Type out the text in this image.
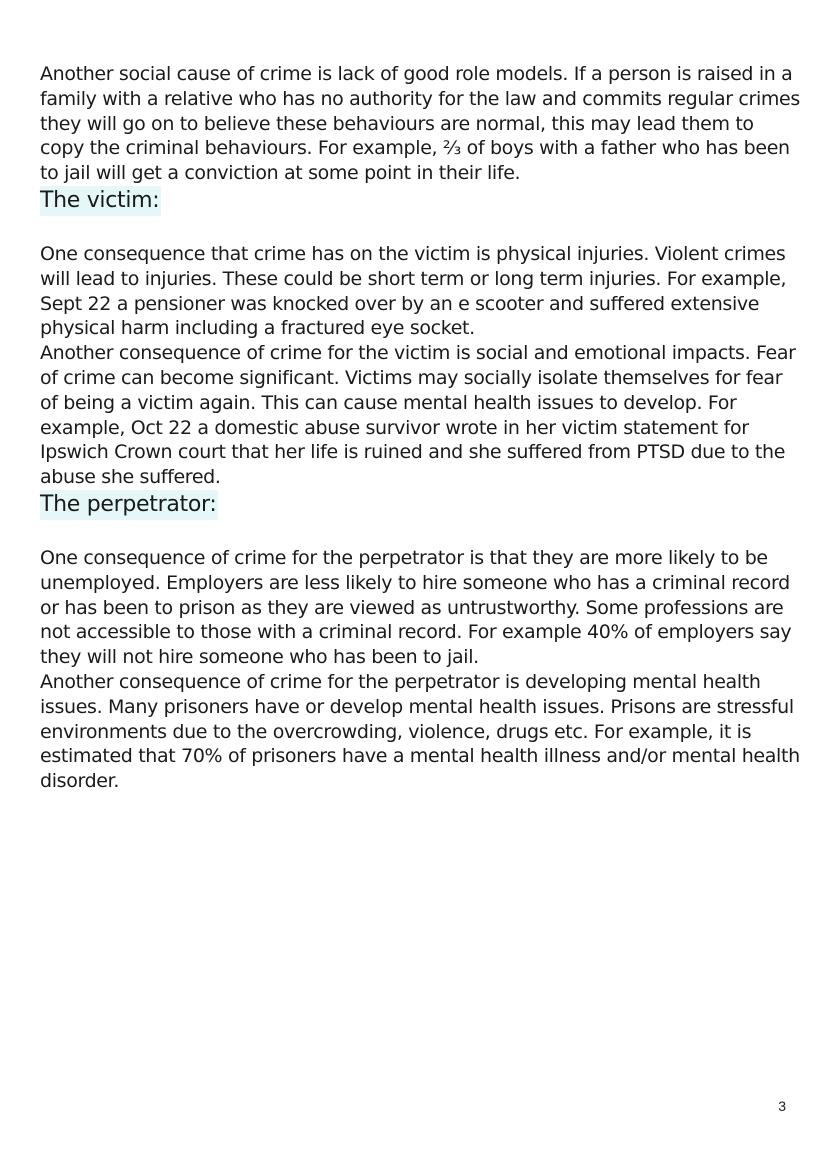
Another social cause of crime is lack of good role models. If a person is raised in a family with a relative who has no authority for the law and commits regular crimes they will go on to believe these behaviours are normal, this may lead them to copy the criminal behaviours. For example, ⅔ of boys with a father who has been to jail will get a conviction at some point in their life.

The victim:

One consequence that crime has on the victim is physical injuries. Violent crimes will lead to injuries. These could be short term or long term injuries. For example, Sept 22 a pensioner was knocked over by an e scooter and suffered extensive physical harm including a fractured eye socket.

Another consequence of crime for the victim is social and emotional impacts. Fear of crime can become significant. Victims may socially isolate themselves for fear of being a victim again. This can cause mental health issues to develop. For example, Oct 22 a domestic abuse survivor wrote in her victim statement for Ipswich Crown court that her life is ruined and she suffered from PTSD due to the abuse she suffered.

The perpetrator:

One consequence of crime for the perpetrator is that they are more likely to be unemployed. Employers are less likely to hire someone who has a criminal record or has been to prison as they are viewed as untrustworthy. Some professions are not accessible to those with a criminal record. For example 40% of employers say they will not hire someone who has been to jail.

Another consequence of crime for the perpetrator is developing mental health issues. Many prisoners have or develop mental health issues. Prisons are stressful environments due to the overcrowding, violence, drugs etc. For example, it is estimated that 70% of prisoners have a mental health illness and/or mental health disorder.

3
